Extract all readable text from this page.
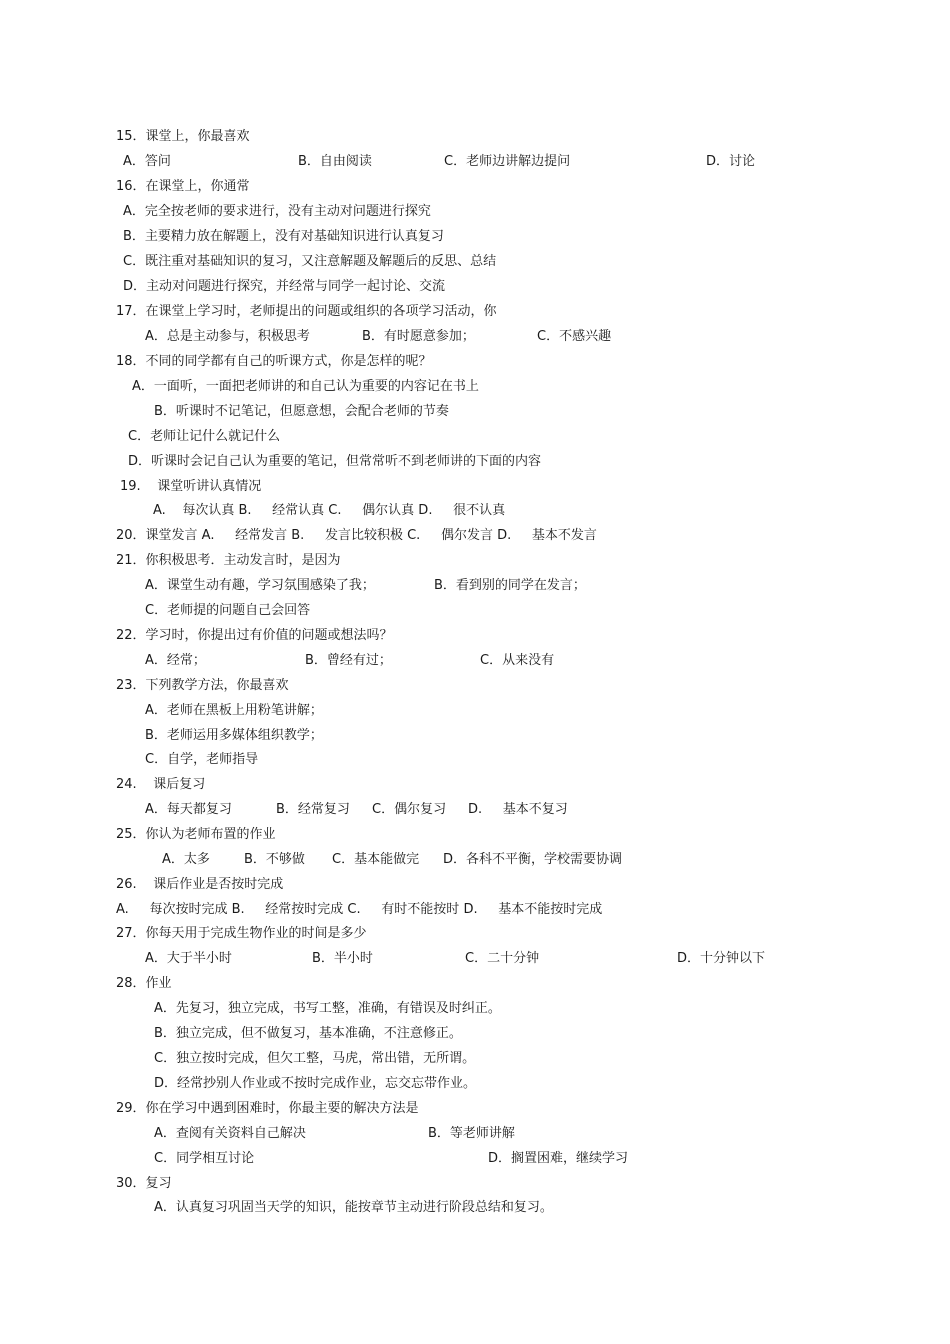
15．课堂上，你最喜欢
A．答问	B．自由阅读	C．老师边讲解边提问	D．讨论
16．在课堂上，你通常
A．完全按老师的要求进行，没有主动对问题进行探究
B．主要精力放在解题上，没有对基础知识进行认真复习
C．既注重对基础知识的复习，又注意解题及解题后的反思、总结
D．主动对问题进行探究，并经常与同学一起讨论、交流
17．在课堂上学习时，老师提出的问题或组织的各项学习活动，你
A．总是主动参与，积极思考	B．有时愿意参加；	C．不感兴趣
18．不同的同学都有自己的听课方式，你是怎样的呢？
A．一面听，一面把老师讲的和自己认为重要的内容记在书上
B．听课时不记笔记，但愿意想，会配合老师的节奏
C．老师让记什么就记什么
D．听课时会记自己认为重要的笔记，但常常听不到老师讲的下面的内容
19.    课堂听讲认真情况
A.    每次认真 B.     经常认真 C.     偶尔认真 D.     很不认真
20．课堂发言 A.     经常发言 B.     发言比较积极 C.     偶尔发言 D.     基本不发言
21．你积极思考．主动发言时，是因为
A．课堂生动有趣，学习氛围感染了我；	B．看到别的同学在发言；
C．老师提的问题自己会回答
22．学习时，你提出过有价值的问题或想法吗？
A．经常；	B．曾经有过；	C．从来没有
23．下列教学方法，你最喜欢
A．老师在黑板上用粉笔讲解；
B．老师运用多媒体组织教学；
C．自学，老师指导
24.    课后复习
A．每天都复习	B．经常复习 C．偶尔复习 D.     基本不复习
25．你认为老师布置的作业
A．太多	B．不够做 C．基本能做完 D．各科不平衡，学校需要协调
26.    课后作业是否按时完成
A.     每次按时完成 B.     经常按时完成 C.     有时不能按时 D.     基本不能按时完成
27．你每天用于完成生物作业的时间是多少
A．大于半小时	B．半小时	C．二十分钟	D．十分钟以下
28．作业
A．先复习，独立完成，书写工整，准确，有错误及时纠正。
B．独立完成，但不做复习，基本准确，不注意修正。
C．独立按时完成，但欠工整，马虎，常出错，无所谓。
D．经常抄别人作业或不按时完成作业，忘交忘带作业。
29．你在学习中遇到困难时，你最主要的解决方法是
A．查阅有关资料自己解决	B．等老师讲解
C．同学相互讨论	D．搁置困难，继续学习
30．复习
A．认真复习巩固当天学的知识，能按章节主动进行阶段总结和复习。
